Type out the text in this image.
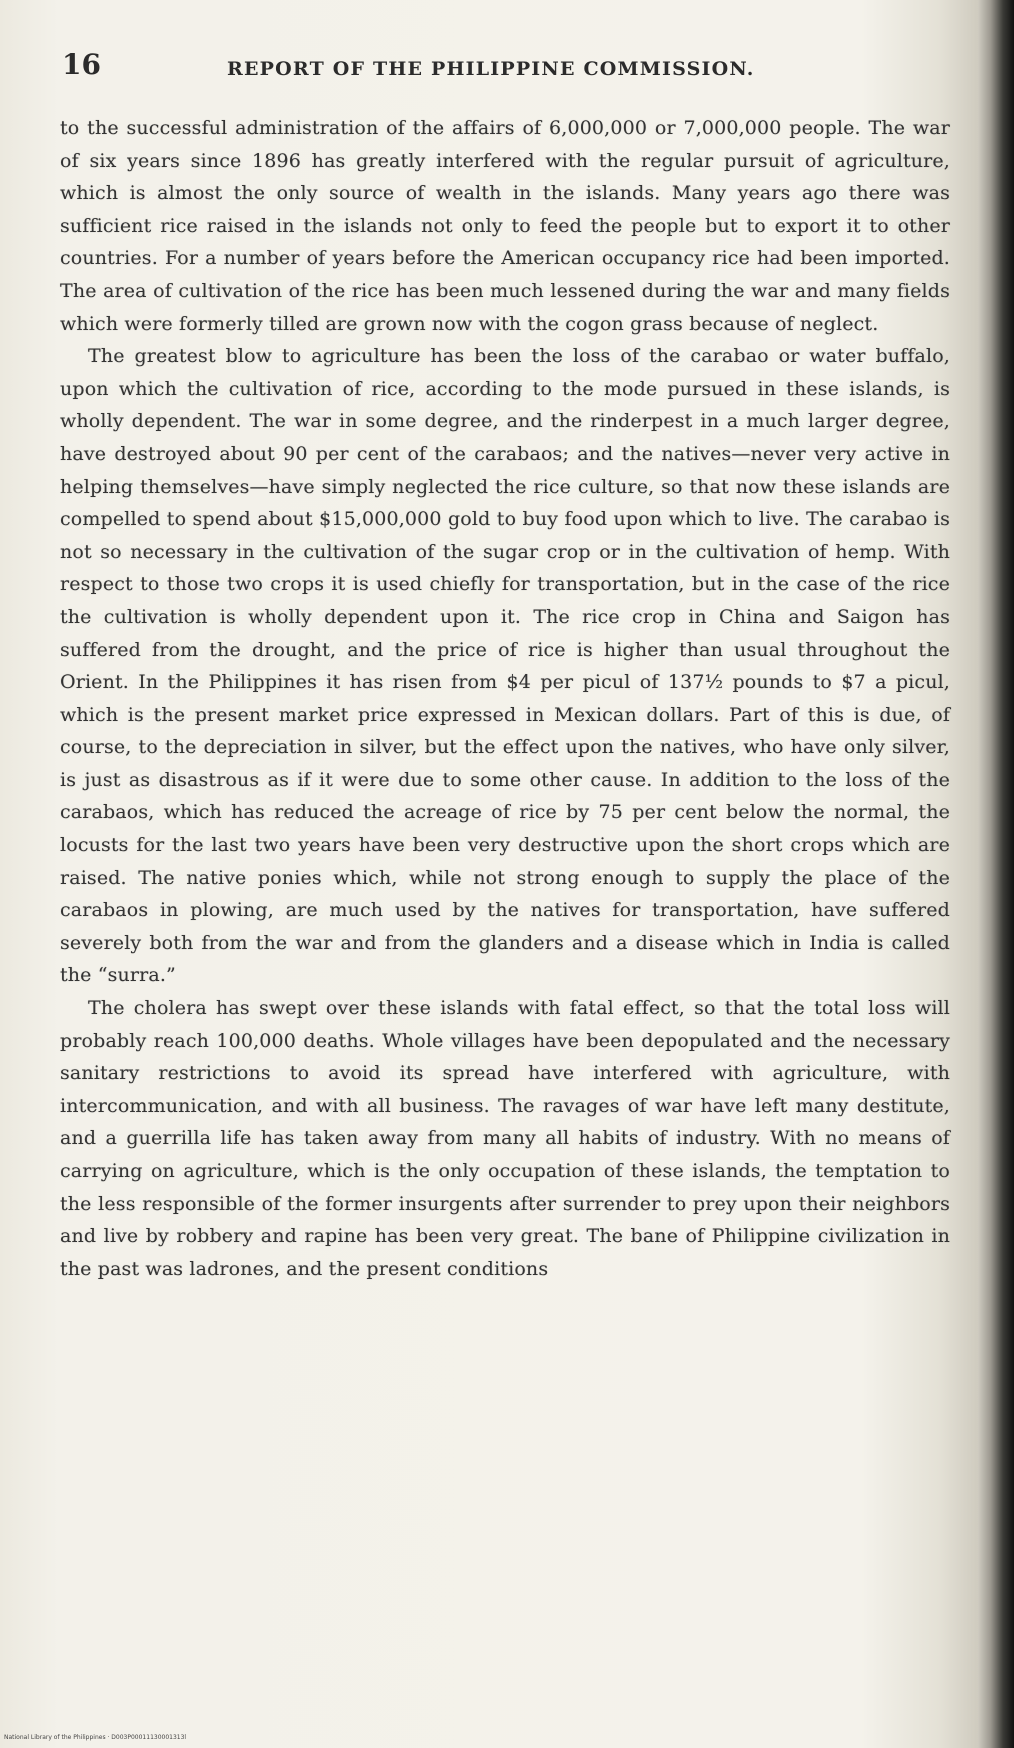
16	REPORT OF THE PHILIPPINE COMMISSION.

to the successful administration of the affairs of 6,000,000 or 7,000,000 people. The war of six years since 1896 has greatly interfered with the regular pursuit of agriculture, which is almost the only source of wealth in the islands. Many years ago there was sufficient rice raised in the islands not only to feed the people but to export it to other countries. For a number of years before the American occupancy rice had been imported. The area of cultivation of the rice has been much lessened during the war and many fields which were formerly tilled are grown now with the cogon grass because of neglect.

The greatest blow to agriculture has been the loss of the carabao or water buffalo, upon which the cultivation of rice, according to the mode pursued in these islands, is wholly dependent. The war in some degree, and the rinderpest in a much larger degree, have destroyed about 90 per cent of the carabaos; and the natives—never very active in helping themselves—have simply neglected the rice culture, so that now these islands are compelled to spend about $15,000,000 gold to buy food upon which to live. The carabao is not so necessary in the cultivation of the sugar crop or in the cultivation of hemp. With respect to those two crops it is used chiefly for transportation, but in the case of the rice the cultivation is wholly dependent upon it. The rice crop in China and Saigon has suffered from the drought, and the price of rice is higher than usual throughout the Orient. In the Philippines it has risen from $4 per picul of 137½ pounds to $7 a picul, which is the present market price expressed in Mexican dollars. Part of this is due, of course, to the depreciation in silver, but the effect upon the natives, who have only silver, is just as disastrous as if it were due to some other cause. In addition to the loss of the carabaos, which has reduced the acreage of rice by 75 per cent below the normal, the locusts for the last two years have been very destructive upon the short crops which are raised. The native ponies which, while not strong enough to supply the place of the carabaos in plowing, are much used by the natives for transportation, have suffered severely both from the war and from the glanders and a disease which in India is called the “surra.”

The cholera has swept over these islands with fatal effect, so that the total loss will probably reach 100,000 deaths. Whole villages have been depopulated and the necessary sanitary restrictions to avoid its spread have interfered with agriculture, with intercommunication, and with all business. The ravages of war have left many destitute, and a guerrilla life has taken away from many all habits of industry. With no means of carrying on agriculture, which is the only occupation of these islands, the temptation to the less responsible of the former insurgents after surrender to prey upon their neighbors and live by robbery and rapine has been very great. The bane of Philippine civilization in the past was ladrones, and the present conditions

National Library of the Philippines · D003P00011130001313l
